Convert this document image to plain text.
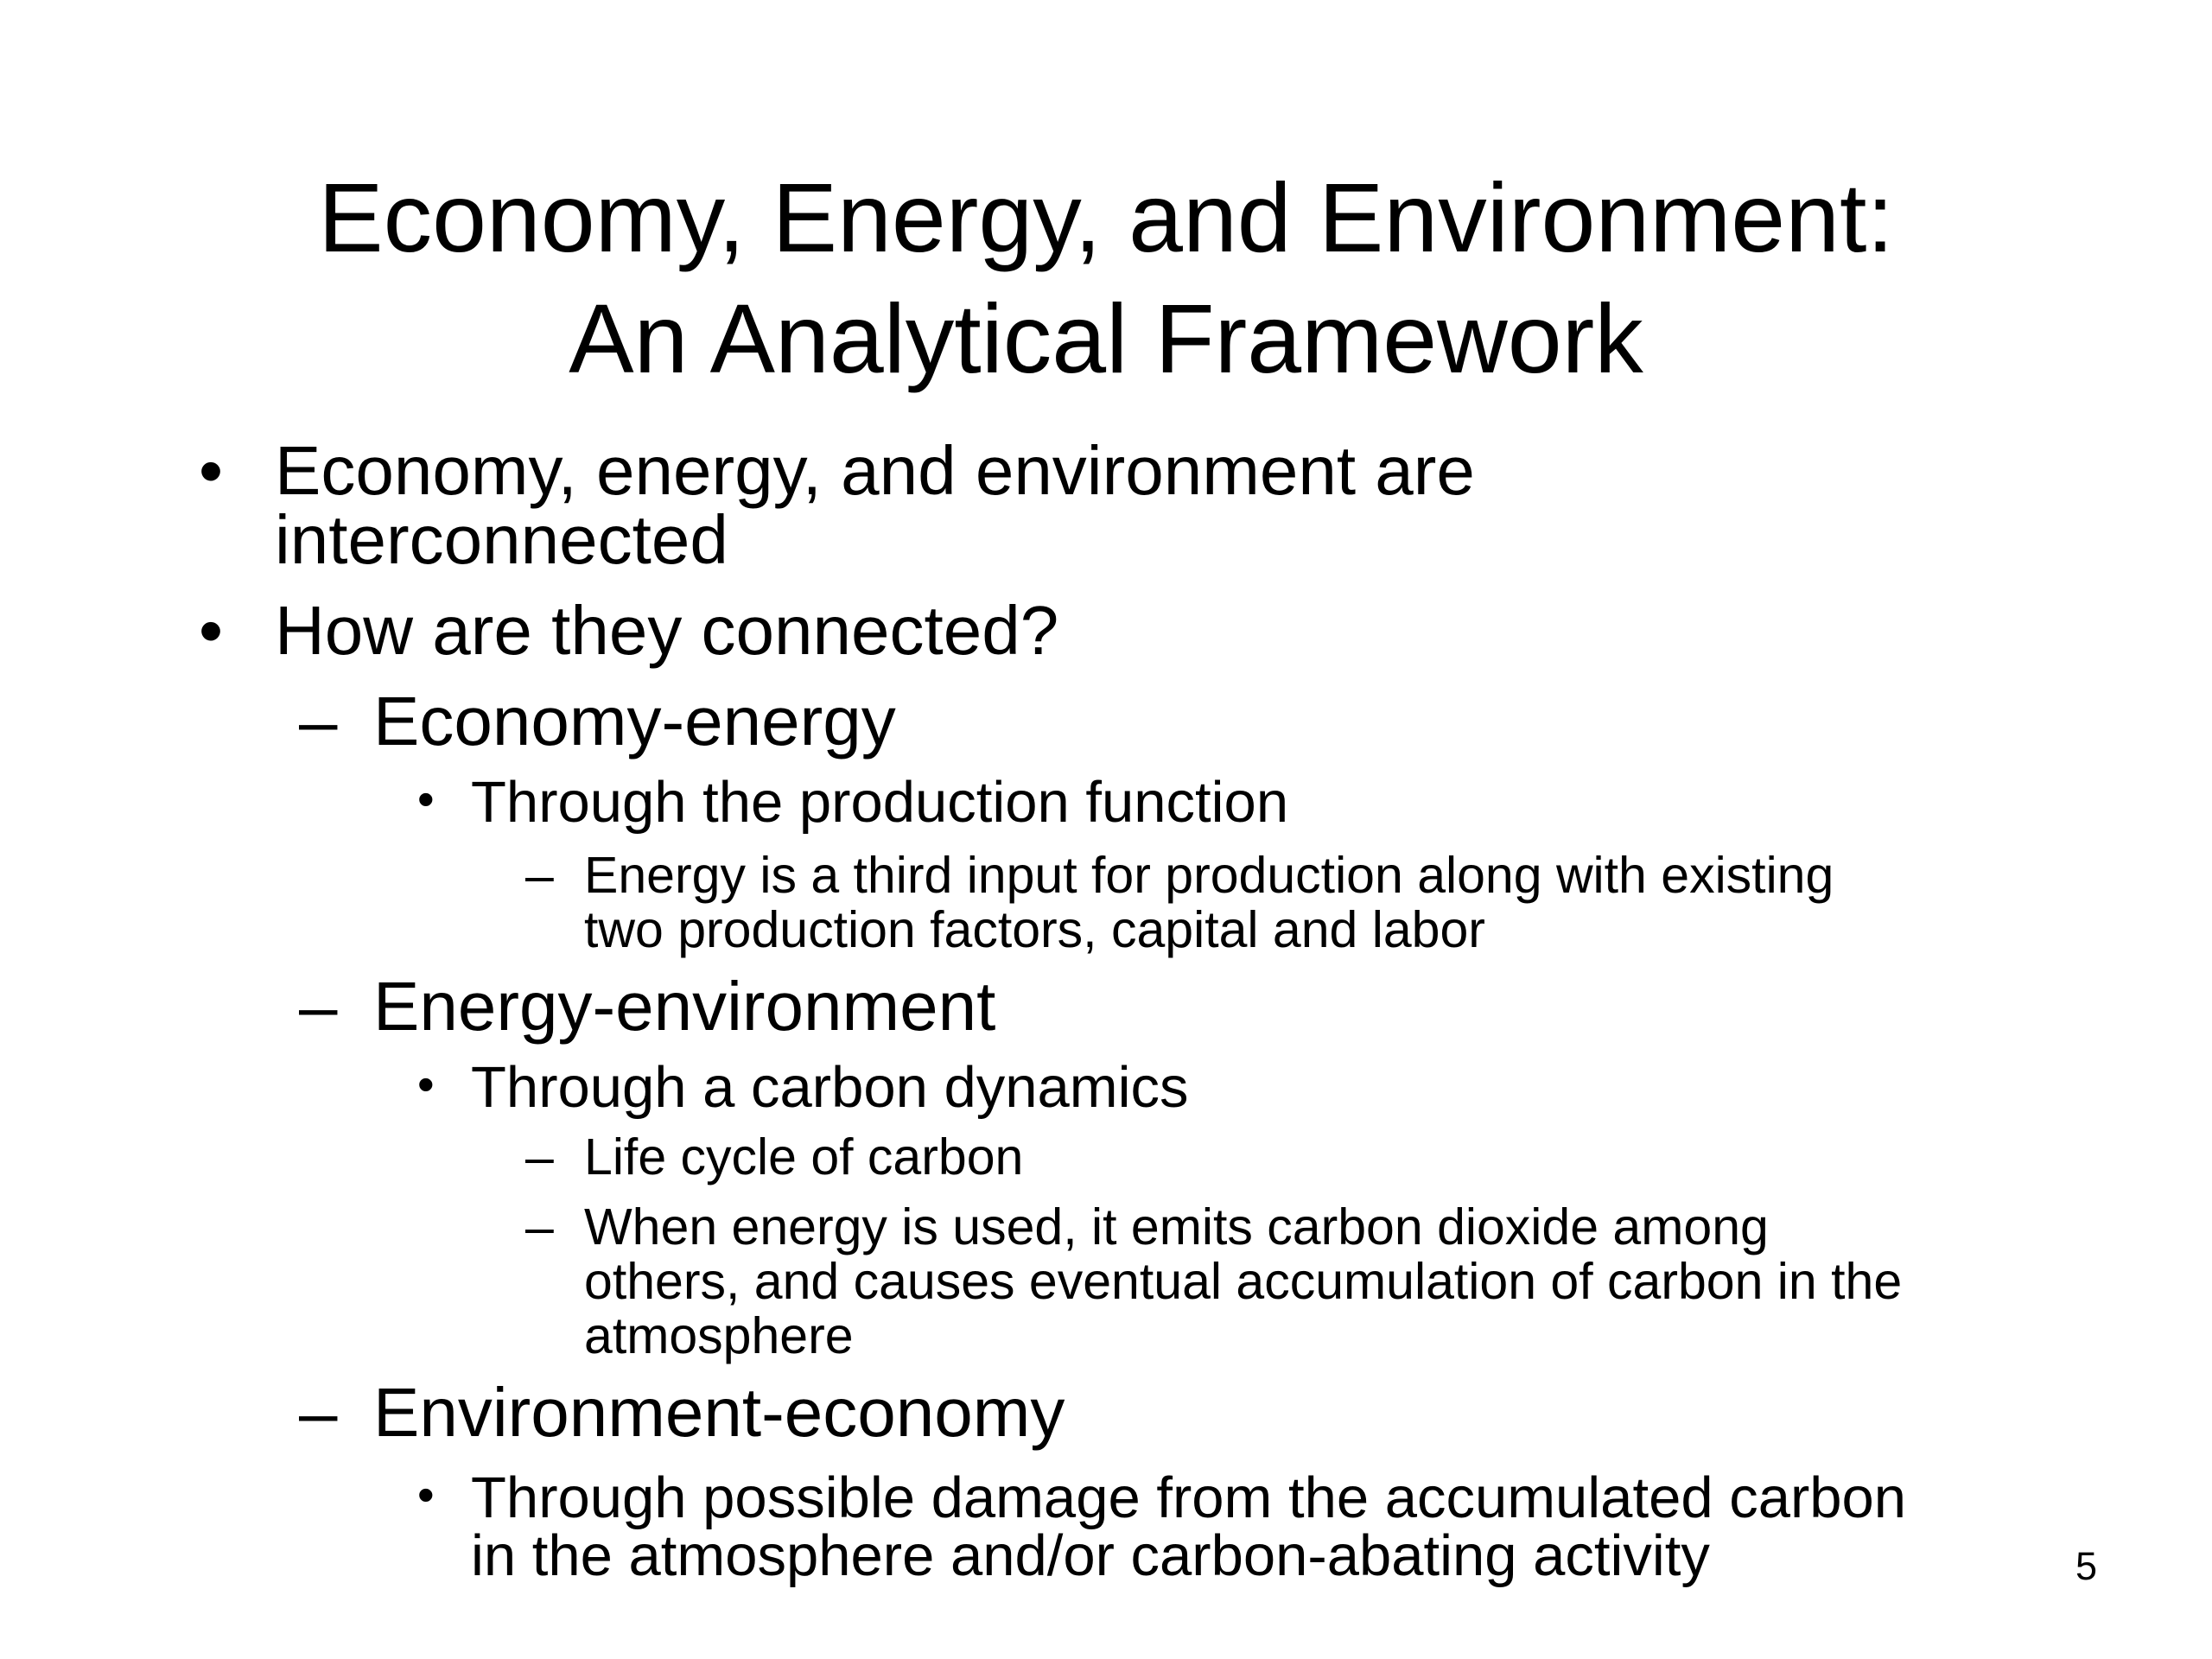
Economy, Energy, and Environment:
An Analytical Framework
• Economy, energy, and environment are
interconnected
• How are they connected?
– Economy-energy
• Through the production function
– Energy is a third input for production along with existing
two production factors, capital and labor
– Energy-environment
• Through a carbon dynamics
– Life cycle of carbon
– When energy is used, it emits carbon dioxide among
others, and causes eventual accumulation of carbon in the
atmosphere
– Environment-economy
• Through possible damage from the accumulated carbon
in the atmosphere and/or carbon-abating activity	5
